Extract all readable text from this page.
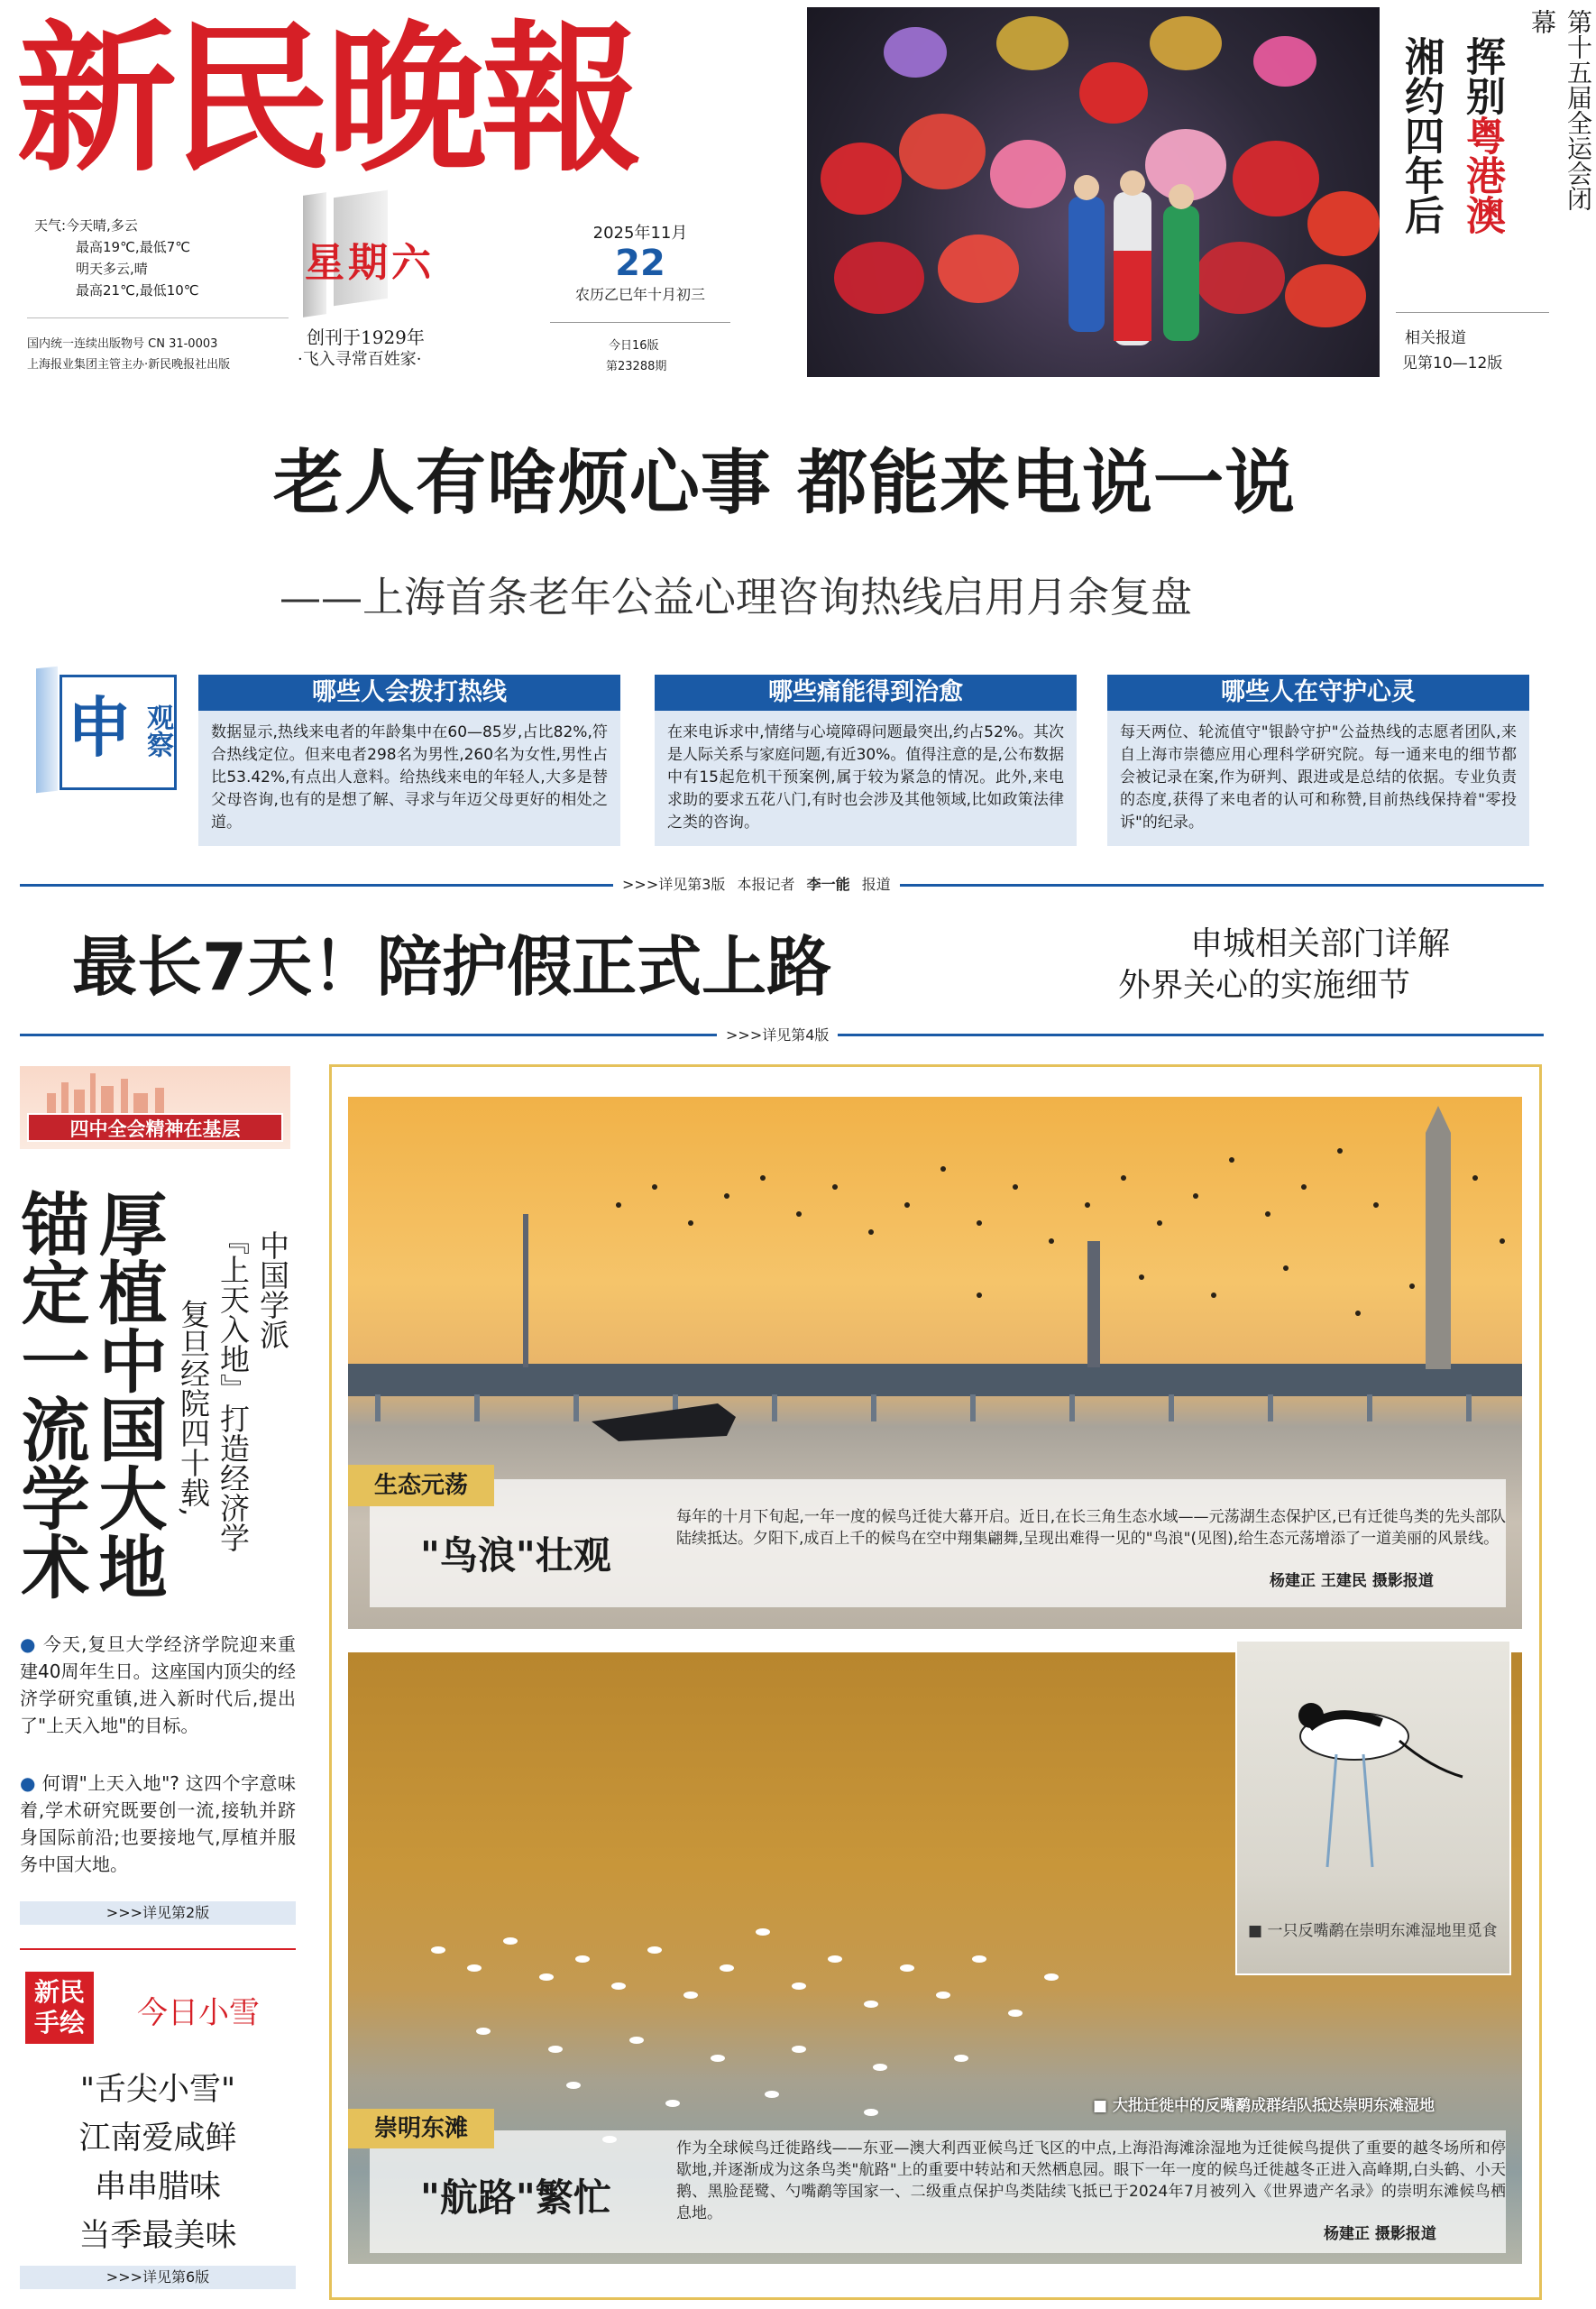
新民晚報
天气:今天晴,多云
最高19℃,最低7℃
明天多云,晴
最高21℃,最低10℃
星期六
创刊于1929年
·飞入寻常百姓家·
2025年11月
22
农历乙巳年十月初三
今日16版
第23288期
国内统一连续出版物号 CN 31-0003
上海报业集团主管主办·新民晚报社出版
第十五届全运会闭幕
挥别粤港澳
湘约四年后
相关报道
见第10—12版
老人有啥烦心事 都能来电说一说
——上海首条老年公益心理咨询热线启用月余复盘
申 观察
哪些人会拨打热线
数据显示,热线来电者的年龄集中在60—85岁,占比82%,符合热线定位。但来电者298名为男性,260名为女性,男性占比53.42%,有点出人意料。给热线来电的年轻人,大多是替父母咨询,也有的是想了解、寻求与年迈父母更好的相处之道。
哪些痛能得到治愈
在来电诉求中,情绪与心境障碍问题最突出,约占52%。其次是人际关系与家庭问题,有近30%。值得注意的是,公布数据中有15起危机干预案例,属于较为紧急的情况。此外,来电求助的要求五花八门,有时也会涉及其他领域,比如政策法律之类的咨询。
哪些人在守护心灵
每天两位、轮流值守"银龄守护"公益热线的志愿者团队,来自上海市崇德应用心理科学研究院。每一通来电的细节都会被记录在案,作为研判、跟进或是总结的依据。专业负责的态度,获得了来电者的认可和称赞,目前热线保持着"零投诉"的纪录。
>>>详见第3版 本报记者 李一能 报道
最长7天！陪护假正式上路	申城相关部门详解
外界关心的实施细节
>>>详见第4版
四中全会精神在基层
厚植中国大地
锚定一流学术	中国学派
『上天入地』打造经济学
复旦经院四十载,
● 今天,复旦大学经济学院迎来重建40周年生日。这座国内顶尖的经济学研究重镇,进入新时代后,提出了"上天入地"的目标。
● 何谓"上天入地"? 这四个字意味着,学术研究既要创一流,接轨并跻身国际前沿;也要接地气,厚植并服务中国大地。
>>>详见第2版
新民手绘 今日小雪
"舌尖小雪"
江南爱咸鲜
串串腊味
当季最美味
>>>详见第6版
生态元荡
"鸟浪"壮观
每年的十月下旬起,一年一度的候鸟迁徙大幕开启。近日,在长三角生态水域——元荡湖生态保护区,已有迁徙鸟类的先头部队陆续抵达。夕阳下,成百上千的候鸟在空中翔集翩舞,呈现出难得一见的"鸟浪"(见图),给生态元荡增添了一道美丽的风景线。
杨建正 王建民 摄影报道
■ 一只反嘴鹬在崇明东滩湿地里觅食
■ 大批迁徙中的反嘴鹬成群结队抵达崇明东滩湿地
崇明东滩
"航路"繁忙
作为全球候鸟迁徙路线——东亚—澳大利西亚候鸟迁飞区的中点,上海沿海滩涂湿地为迁徙候鸟提供了重要的越冬场所和停歇地,并逐渐成为这条鸟类"航路"上的重要中转站和天然栖息园。眼下一年一度的候鸟迁徙越冬正进入高峰期,白头鹤、小天鹅、黑脸琵鹭、勺嘴鹬等国家一、二级重点保护鸟类陆续飞抵已于2024年7月被列入《世界遗产名录》的崇明东滩候鸟栖息地。
杨建正 摄影报道
